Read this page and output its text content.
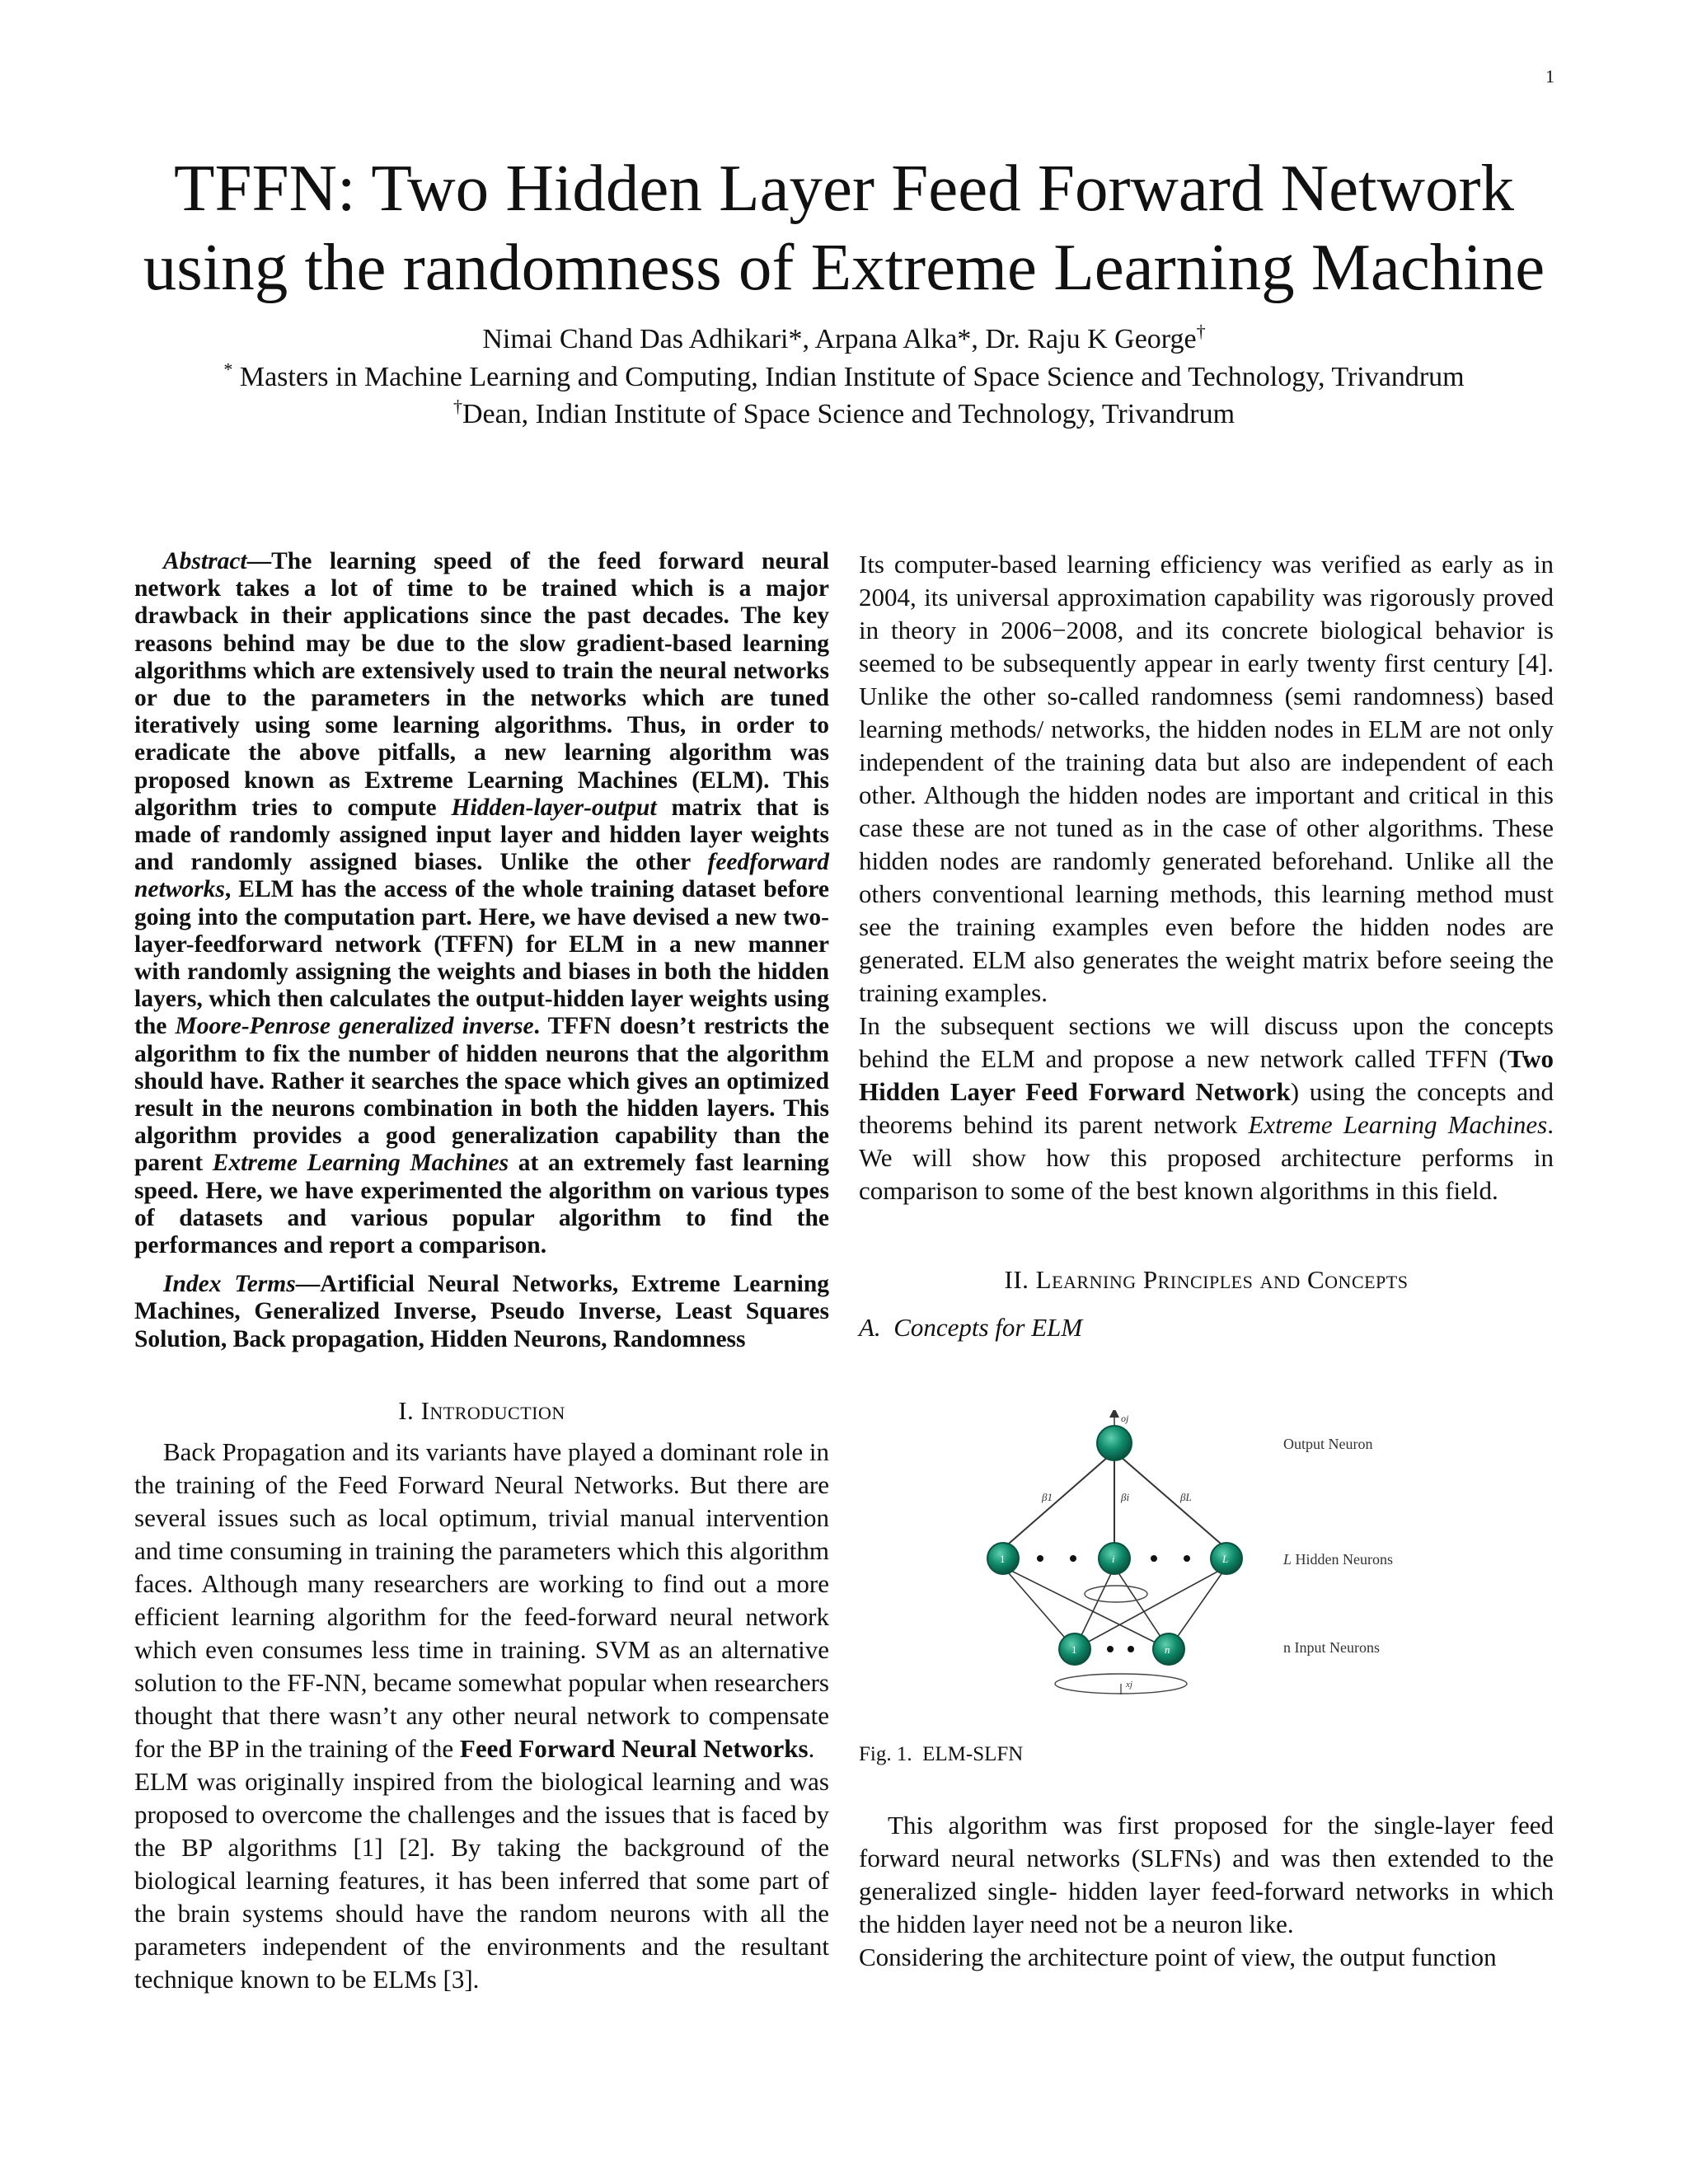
1
TFFN: Two Hidden Layer Feed Forward Network
using the randomness of Extreme Learning Machine
Nimai Chand Das Adhikari*, Arpana Alka*, Dr. Raju K George†
* Masters in Machine Learning and Computing, Indian Institute of Space Science and Technology, Trivandrum
†Dean, Indian Institute of Space Science and Technology, Trivandrum

Abstract—The learning speed of the feed forward neural network takes a lot of time to be trained which is a major drawback in their applications since the past decades. The key reasons behind may be due to the slow gradient-based learning algorithms which are extensively used to train the neural networks or due to the parameters in the networks which are tuned iteratively using some learning algorithms. Thus, in order to eradicate the above pitfalls, a new learning algorithm was proposed known as Extreme Learning Machines (ELM). This algorithm tries to compute Hidden-layer-output matrix that is made of randomly assigned input layer and hidden layer weights and randomly assigned biases. Unlike the other feedforward networks, ELM has the access of the whole training dataset before going into the computation part. Here, we have devised a new two-layer-feedforward network (TFFN) for ELM in a new manner with randomly assigning the weights and biases in both the hidden layers, which then calculates the output-hidden layer weights using the Moore-Penrose generalized inverse. TFFN doesn’t restricts the algorithm to fix the number of hidden neurons that the algorithm should have. Rather it searches the space which gives an optimized result in the neurons combination in both the hidden layers. This algorithm provides a good generalization capability than the parent Extreme Learning Machines at an extremely fast learning speed. Here, we have experimented the algorithm on various types of datasets and various popular algorithm to find the performances and report a comparison.

Index Terms—Artificial Neural Networks, Extreme Learning Machines, Generalized Inverse, Pseudo Inverse, Least Squares Solution, Back propagation, Hidden Neurons, Randomness

I. Introduction

Back Propagation and its variants have played a dominant role in the training of the Feed Forward Neural Networks. But there are several issues such as local optimum, trivial manual intervention and time consuming in training the parameters which this algorithm faces. Although many researchers are working to find out a more efficient learning algorithm for the feed-forward neural network which even consumes less time in training. SVM as an alternative solution to the FF-NN, became somewhat popular when researchers thought that there wasn’t any other neural network to compensate for the BP in the training of the Feed Forward Neural Networks.

ELM was originally inspired from the biological learning and was proposed to overcome the challenges and the issues that is faced by the BP algorithms [1] [2]. By taking the background of the biological learning features, it has been inferred that some part of the brain systems should have the random neurons with all the parameters independent of the environments and the resultant technique known to be ELMs [3].

Its computer-based learning efficiency was verified as early as in 2004, its universal approximation capability was rigorously proved in theory in 2006−2008, and its concrete biological behavior is seemed to be subsequently appear in early twenty first century [4]. Unlike the other so-called randomness (semi randomness) based learning methods/ networks, the hidden nodes in ELM are not only independent of the training data but also are independent of each other. Although the hidden nodes are important and critical in this case these are not tuned as in the case of other algorithms. These hidden nodes are randomly generated beforehand. Unlike all the others conventional learning methods, this learning method must see the training examples even before the hidden nodes are generated. ELM also generates the weight matrix before seeing the training examples.

In the subsequent sections we will discuss upon the concepts behind the ELM and propose a new network called TFFN (Two Hidden Layer Feed Forward Network) using the concepts and theorems behind its parent network Extreme Learning Machines. We will show how this proposed architecture performs in comparison to some of the best known algorithms in this field.

II. Learning Principles and Concepts
A. Concepts for ELM
oj
β1	βi	βL
xj
1	i	L
1	n
Output Neuron
L Hidden Neurons
n Input Neurons

Fig. 1. ELM-SLFN

This algorithm was first proposed for the single-layer feed forward neural networks (SLFNs) and was then extended to the generalized single- hidden layer feed-forward networks in which the hidden layer need not be a neuron like.

Considering the architecture point of view, the output function
